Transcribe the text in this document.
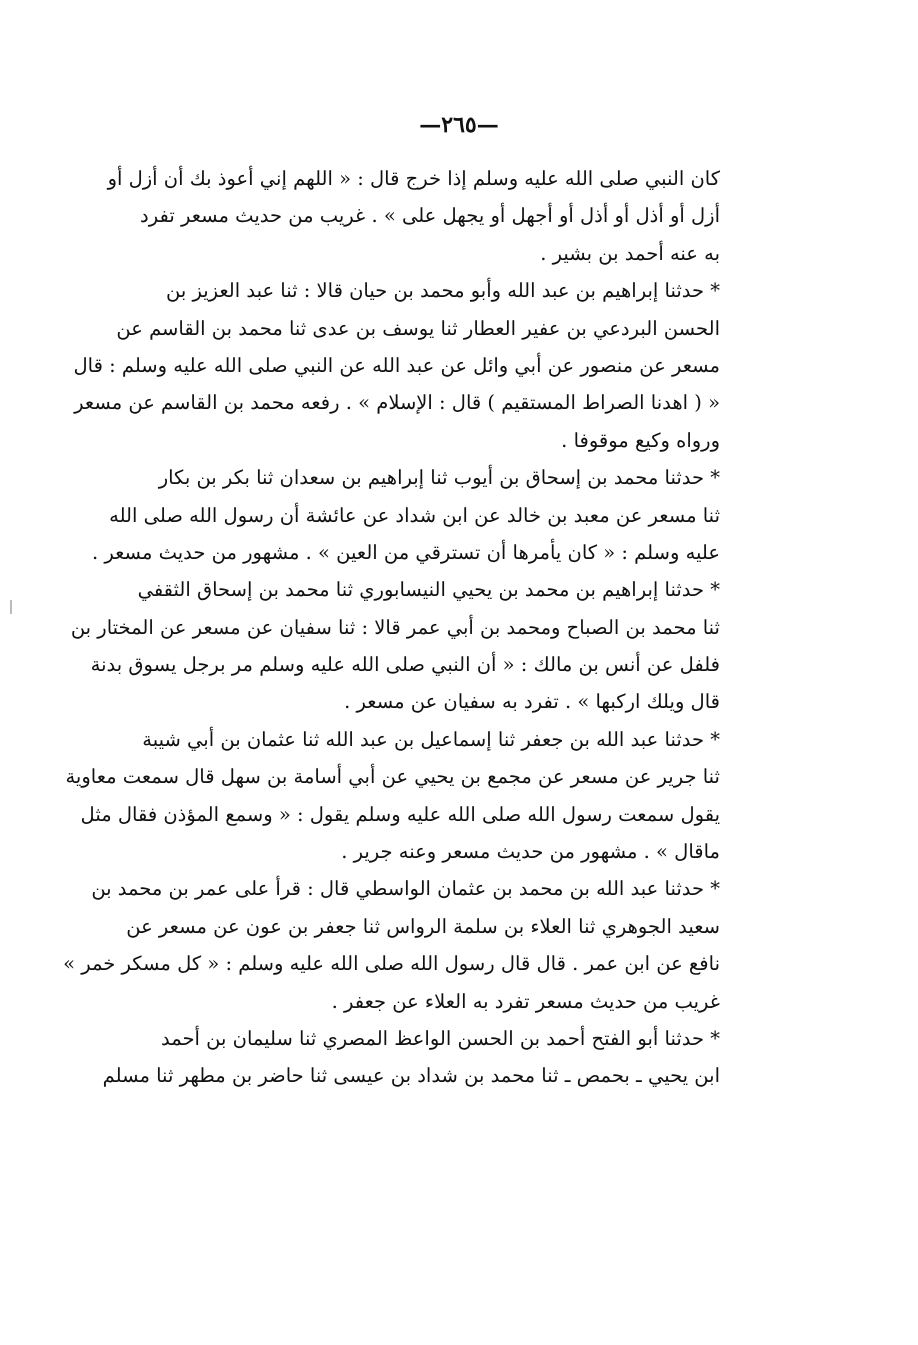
—٢٦٥—
كان النبي صلى الله عليه وسلم إذا خرج قال : « اللهم إني أعوذ بك أن أزل أو
أزل أو أذل أو أذل أو أجهل أو يجهل على » . غريب من حديث مسعر تفرد
به عنه أحمد بن بشير .
* حدثنا إبراهيم بن عبد الله وأبو محمد بن حيان قالا : ثنا عبد العزيز بن
الحسن البردعي بن عفير العطار ثنا يوسف بن عدى ثنا محمد بن القاسم عن
مسعر عن منصور عن أبي وائل عن عبد الله عن النبي صلى الله عليه وسلم : قال
« ( اهدنا الصراط المستقيم ) قال : الإسلام » . رفعه محمد بن القاسم عن مسعر
ورواه وكيع موقوفا .
* حدثنا محمد بن إسحاق بن أيوب ثنا إبراهيم بن سعدان ثنا بكر بن بكار
ثنا مسعر عن معبد بن خالد عن ابن شداد عن عائشة أن رسول الله صلى الله
عليه وسلم : « كان يأمرها أن تسترقي من العين » . مشهور من حديث مسعر .
* حدثنا إبراهيم بن محمد بن يحيي النيسابوري ثنا محمد بن إسحاق الثقفي
ثنا محمد بن الصباح ومحمد بن أبي عمر قالا : ثنا سفيان عن مسعر عن المختار بن
فلفل عن أنس بن مالك : « أن النبي صلى الله عليه وسلم مر برجل يسوق بدنة
قال ويلك اركبها » . تفرد به سفيان عن مسعر .
* حدثنا عبد الله بن جعفر ثنا إسماعيل بن عبد الله ثنا عثمان بن أبي شيبة
ثنا جرير عن مسعر عن مجمع بن يحيي عن أبي أسامة بن سهل قال سمعت معاوية
يقول سمعت رسول الله صلى الله عليه وسلم يقول : « وسمع المؤذن فقال مثل
ماقال » . مشهور من حديث مسعر وعنه جرير .
* حدثنا عبد الله بن محمد بن عثمان الواسطي قال : قرأ على عمر بن محمد بن
سعيد الجوهري ثنا العلاء بن سلمة الرواس ثنا جعفر بن عون عن مسعر عن
نافع عن ابن عمر . قال قال رسول الله صلى الله عليه وسلم : « كل مسكر خمر »
غريب من حديث مسعر تفرد به العلاء عن جعفر .
* حدثنا أبو الفتح أحمد بن الحسن الواعظ المصري ثنا سليمان بن أحمد
ابن يحيي ـ بحمص ـ ثنا محمد بن شداد بن عيسى ثنا حاضر بن مطهر ثنا مسلم
